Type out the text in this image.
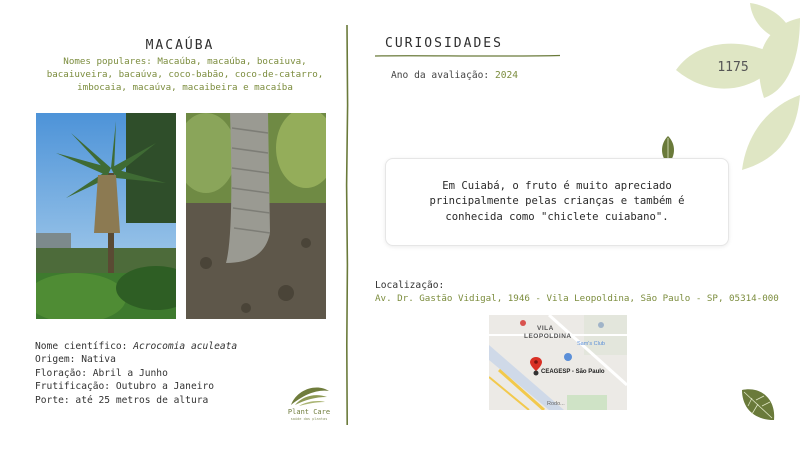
MACAÚBA
Nomes populares: Macaúba, macaúba, bocaiuva,
bacaiuveira, bacaúva, coco-babão, coco-de-catarro,
imbocaia, macaúva, macaibeira e macaíba
Nome científico: Acrocomia aculeata
Origem: Nativa
Floração: Abril a Junho
Frutificação: Outubro a Janeiro
Porte: até 25 metros de altura
Plant Care
saúde das plantas
CURIOSIDADES
Ano da avaliação: 2024
1175

Em Cuiabá, o fruto é muito apreciado
principalmente pelas crianças e também é
conhecida como "chiclete cuiabano".

Localização:
Av. Dr. Gastão Vidigal, 1946 - Vila Leopoldina, São Paulo - SP, 05314-000
VILA
LEOPOLDINA
Sam's Club
CEAGESP - São Paulo
Rodo...
